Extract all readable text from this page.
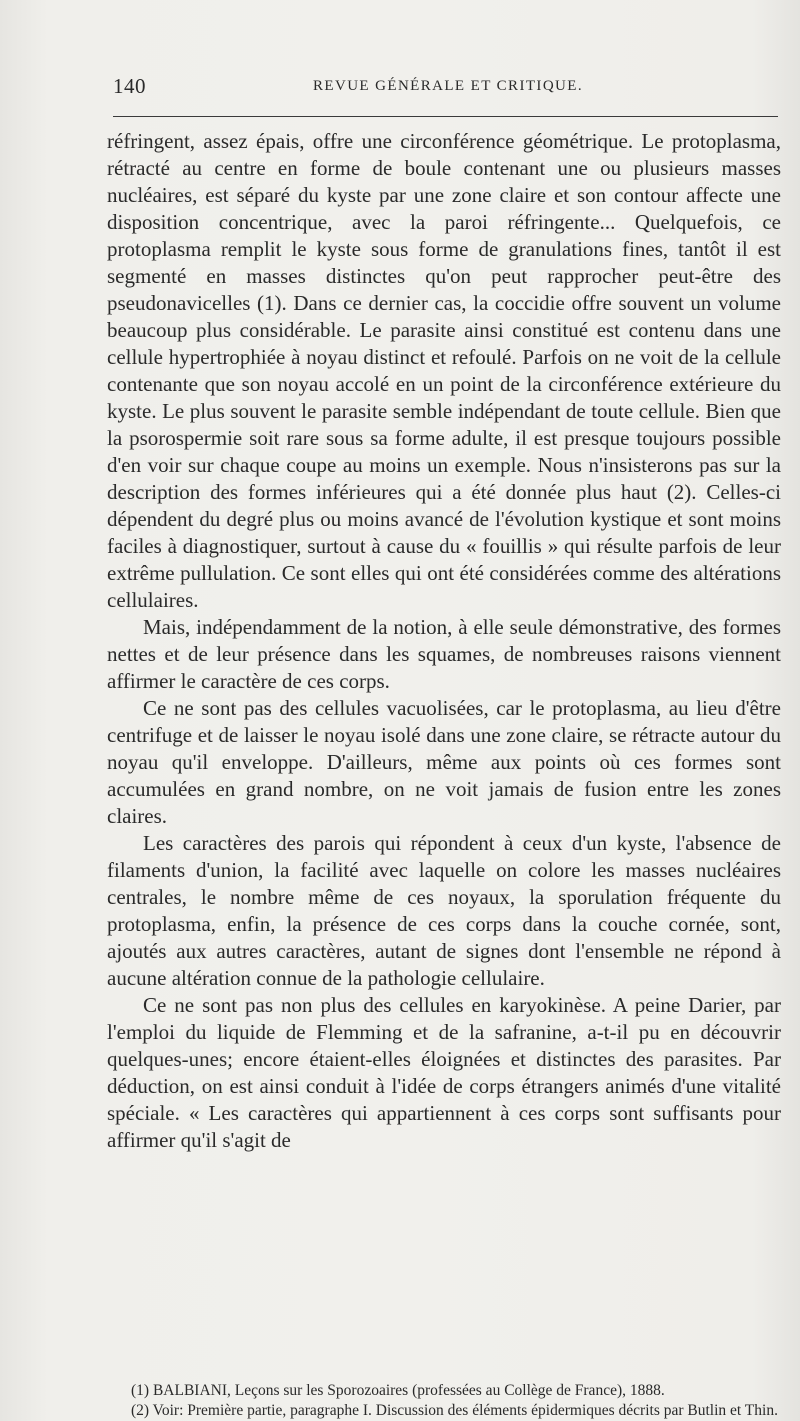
140	REVUE GÉNÉRALE ET CRITIQUE.

réfringent, assez épais, offre une circonférence géométrique. Le protoplasma, rétracté au centre en forme de boule contenant une ou plusieurs masses nucléaires, est séparé du kyste par une zone claire et son contour affecte une disposition concentrique, avec la paroi réfringente... Quelquefois, ce protoplasma remplit le kyste sous forme de granulations fines, tantôt il est segmenté en masses distinctes qu'on peut rapprocher peut-être des pseudonavicelles (1). Dans ce dernier cas, la coccidie offre souvent un volume beaucoup plus considérable. Le parasite ainsi constitué est contenu dans une cellule hypertrophiée à noyau distinct et refoulé. Parfois on ne voit de la cellule contenante que son noyau accolé en un point de la circonférence extérieure du kyste. Le plus souvent le parasite semble indépendant de toute cellule. Bien que la psorospermie soit rare sous sa forme adulte, il est presque toujours possible d'en voir sur chaque coupe au moins un exemple. Nous n'insisterons pas sur la description des formes inférieures qui a été donnée plus haut (2). Celles-ci dépendent du degré plus ou moins avancé de l'évolution kystique et sont moins faciles à diagnostiquer, surtout à cause du « fouillis » qui résulte parfois de leur extrême pullulation. Ce sont elles qui ont été considérées comme des altérations cellulaires.

Mais, indépendamment de la notion, à elle seule démonstrative, des formes nettes et de leur présence dans les squames, de nombreuses raisons viennent affirmer le caractère de ces corps.

Ce ne sont pas des cellules vacuolisées, car le protoplasma, au lieu d'être centrifuge et de laisser le noyau isolé dans une zone claire, se rétracte autour du noyau qu'il enveloppe. D'ailleurs, même aux points où ces formes sont accumulées en grand nombre, on ne voit jamais de fusion entre les zones claires.

Les caractères des parois qui répondent à ceux d'un kyste, l'absence de filaments d'union, la facilité avec laquelle on colore les masses nucléaires centrales, le nombre même de ces noyaux, la sporulation fréquente du protoplasma, enfin, la présence de ces corps dans la couche cornée, sont, ajoutés aux autres caractères, autant de signes dont l'ensemble ne répond à aucune altération connue de la pathologie cellulaire.

Ce ne sont pas non plus des cellules en karyokinèse. A peine Darier, par l'emploi du liquide de Flemming et de la safranine, a-t-il pu en découvrir quelques-unes; encore étaient-elles éloignées et distinctes des parasites. Par déduction, on est ainsi conduit à l'idée de corps étrangers animés d'une vitalité spéciale. « Les caractères qui appartiennent à ces corps sont suffisants pour affirmer qu'il s'agit de

(1) BALBIANI, Leçons sur les Sporozoaires (professées au Collège de France), 1888.

(2) Voir: Première partie, paragraphe I. Discussion des éléments épidermiques décrits par Butlin et Thin.
